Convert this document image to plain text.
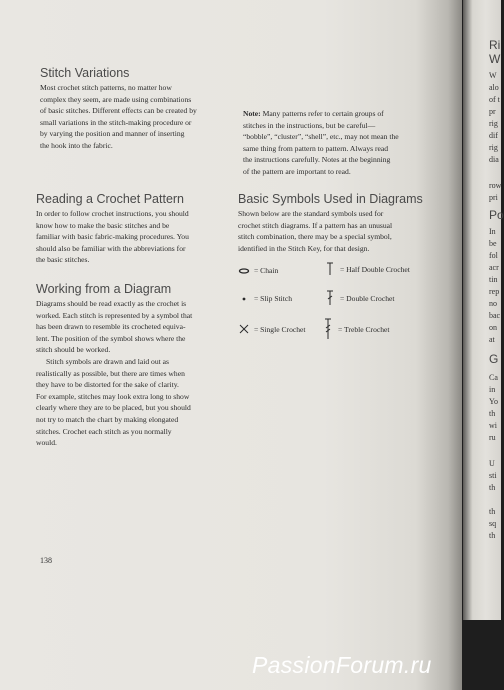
Stitch Variations
Most crochet stitch patterns, no matter how
complex they seem, are made using combinations
of basic stitches. Different effects can be created by
small variations in the stitch-making procedure or
by varying the position and manner of inserting
the hook into the fabric.
Reading a Crochet Pattern
In order to follow crochet instructions, you should
know how to make the basic stitches and be
familiar with basic fabric-making procedures. You
should also be familiar with the abbreviations for
the basic stitches.
Working from a Diagram
Diagrams should be read exactly as the crochet is
worked. Each stitch is represented by a symbol that
has been drawn to resemble its crocheted equiva-
lent. The position of the symbol shows where the
stitch should be worked.
Stitch symbols are drawn and laid out as
realistically as possible, but there are times when
they have to be distorted for the sake of clarity.
For example, stitches may look extra long to show
clearly where they are to be placed, but you should
not try to match the chart by making elongated
stitches. Crochet each stitch as you normally
would.
138
Note: Many patterns refer to certain groups of
stitches in the instructions, but be careful—
“bobble”, “cluster”, “shell”, etc., may not mean the
same thing from pattern to pattern. Always read
the instructions carefully. Notes at the beginning
of the pattern are important to read.
Basic Symbols Used in Diagrams
Shown below are the standard symbols used for
crochet stitch diagrams. If a pattern has an unusual
stitch combination, there may be a special symbol,
identified in the Stitch Key, for that design.
= Chain	= Half Double Crochet
= Slip Stitch	= Double Crochet
= Single Crochet	= Treble Crochet
Ri
W
W
alo
of t
pr
rig
dif
rig
dia
row
pri
Po
In
be
fol
acr
tin
rep
no
bac
on
at
G
Ca
in
Yo
th
wi
ru
U
sti
th
th
sq
th
PassionForum.ru
